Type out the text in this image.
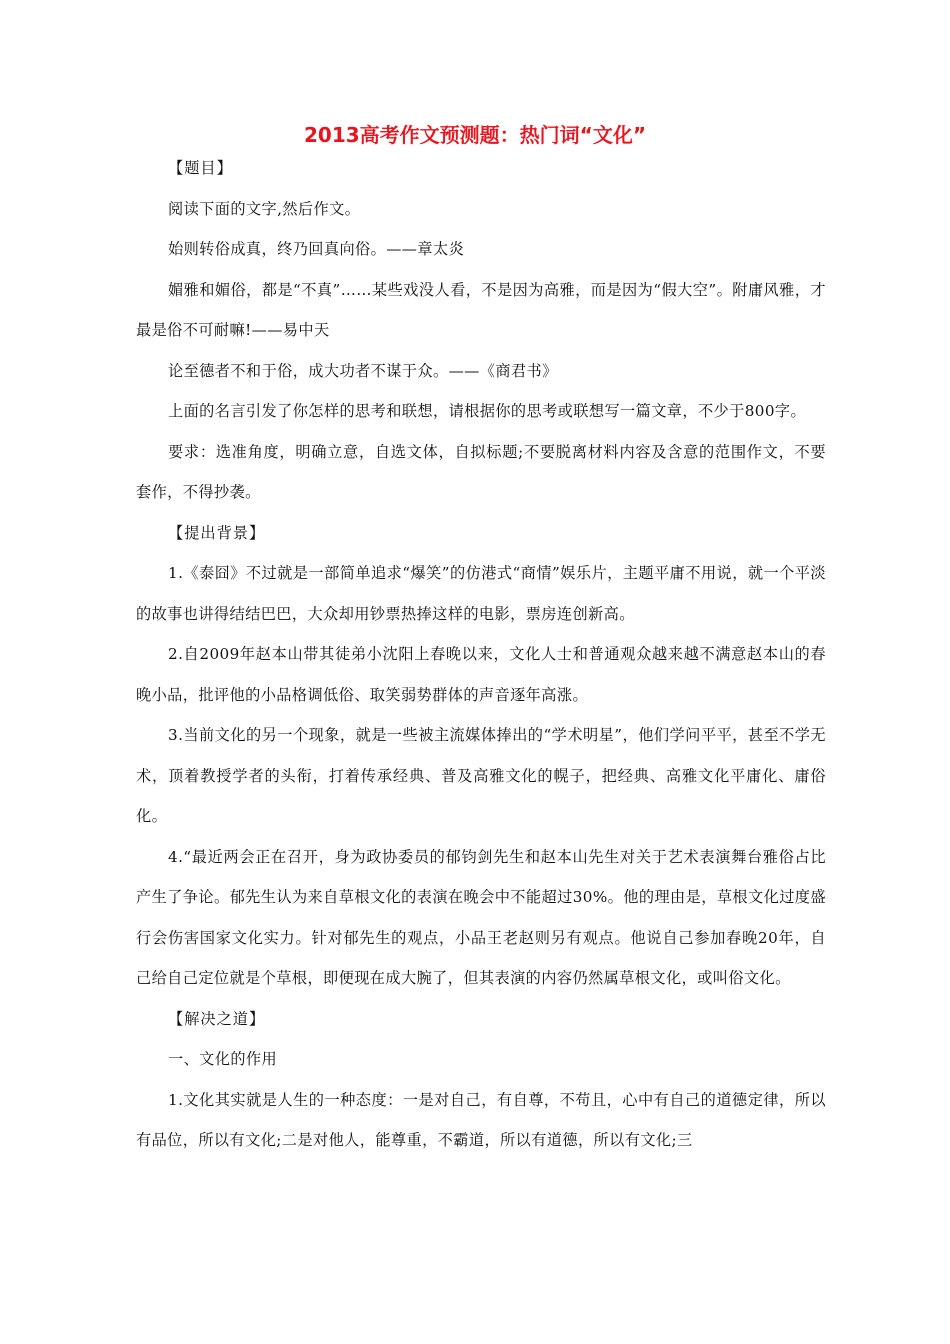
2013高考作文预测题：热门词“文化”

【题目】

阅读下面的文字,然后作文。

始则转俗成真，终乃回真向俗。——章太炎

媚雅和媚俗，都是“不真”……某些戏没人看，不是因为高雅，而是因为“假大空”。附庸风雅，才最是俗不可耐嘛!——易中天

论至德者不和于俗，成大功者不谋于众。——《商君书》

上面的名言引发了你怎样的思考和联想，请根据你的思考或联想写一篇文章，不少于800字。

要求：选准角度，明确立意，自选文体，自拟标题;不要脱离材料内容及含意的范围作文，不要套作，不得抄袭。

【提出背景】

1.《泰囧》不过就是一部简单追求“爆笑”的仿港式“商情”娱乐片，主题平庸不用说，就一个平淡的故事也讲得结结巴巴，大众却用钞票热捧这样的电影，票房连创新高。

2.自2009年赵本山带其徒弟小沈阳上春晚以来，文化人士和普通观众越来越不满意赵本山的春晚小品，批评他的小品格调低俗、取笑弱势群体的声音逐年高涨。

3.当前文化的另一个现象，就是一些被主流媒体捧出的“学术明星”，他们学问平平，甚至不学无术，顶着教授学者的头衔，打着传承经典、普及高雅文化的幌子，把经典、高雅文化平庸化、庸俗化。

4.“最近两会正在召开，身为政协委员的郁钧剑先生和赵本山先生对关于艺术表演舞台雅俗占比产生了争论。郁先生认为来自草根文化的表演在晚会中不能超过30%。他的理由是，草根文化过度盛行会伤害国家文化实力。针对郁先生的观点，小品王老赵则另有观点。他说自己参加春晚20年，自己给自己定位就是个草根，即便现在成大腕了，但其表演的内容仍然属草根文化，或叫俗文化。

【解决之道】

一、文化的作用

1.文化其实就是人生的一种态度：一是对自己，有自尊，不苟且，心中有自己的道德定律，所以有品位，所以有文化;二是对他人，能尊重，不霸道，所以有道德，所以有文化;三
